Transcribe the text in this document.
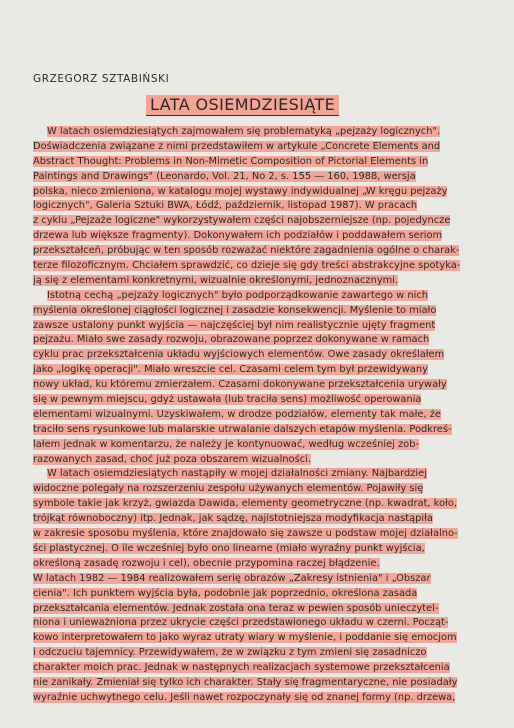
GRZEGORZ SZTABIŃSKI
LATA OSIEMDZIESIĄTE
W latach osiemdziesiątych zajmowałem się problematyką „pejzaży logicznych".
Doświadczenia związane z nimi przedstawiłem w artykule „Concrete Elements and
Abstract Thought: Problems in Non-Mimetic Composition of Pictorial Elements in
Paintings and Drawings" (Leonardo, Vol. 21, No 2, s. 155 — 160, 1988, wersja
polska, nieco zmieniona, w katalogu mojej wystawy indywidualnej „W kręgu pejzaży
logicznych", Galeria Sztuki BWA, Łódź, październik, listopad 1987). W pracach
z cyklu „Pejzaże logiczne" wykorzystywałem części najobszerniejsze (np. pojedyncze
drzewa lub większe fragmenty). Dokonywałem ich podziałów i poddawałem seriom
przekształceń, próbując w ten sposób rozważać niektóre zagadnienia ogólne o charak-
terze filozoficznym. Chciałem sprawdzić, co dzieje się gdy treści abstrakcyjne spotyka-
ją się z elementami konkretnymi, wizualnie określonymi, jednoznacznymi.
Istotną cechą „pejzaży logicznych" było podporządkowanie zawartego w nich
myślenia określonej ciągłości logicznej i zasadzie konsekwencji. Myślenie to miało
zawsze ustalony punkt wyjścia — najczęściej był nim realistycznie ujęty fragment
pejzażu. Miało swe zasady rozwoju, obrazowane poprzez dokonywane w ramach
cyklu prac przekształcenia układu wyjściowych elementów. Owe zasady określałem
jako „logikę operacji". Miało wreszcie cel. Czasami celem tym był przewidywany
nowy układ, ku któremu zmierzałem. Czasami dokonywane przekształcenia urywały
się w pewnym miejscu, gdyż ustawała (lub traciła sens) możliwość operowania
elementami wizualnymi. Uzyskiwałem, w drodze podziałów, elementy tak małe, że
traciło sens rysunkowe lub malarskie utrwalanie dalszych etapów myślenia. Podkreś-
lałem jednak w komentarzu, że należy je kontynuować, według wcześniej zob-
razowanych zasad, choć już poza obszarem wizualności.
W latach osiemdziesiątych nastąpiły w mojej działalności zmiany. Najbardziej
widoczne polegały na rozszerzeniu zespołu używanych elementów. Pojawiły się
symbole takie jak krzyż, gwiazda Dawida, elementy geometryczne (np. kwadrat, koło,
trójkąt równoboczny) itp. Jednak, jak sądzę, najistotniejsza modyfikacja nastąpiła
w zakresie sposobu myślenia, które znajdowało się zawsze u podstaw mojej działalno-
ści plastycznej. O ile wcześniej było ono linearne (miało wyraźny punkt wyjścia,
określoną zasadę rozwoju i cel), obecnie przypomina raczej błądzenie.
W latach 1982 — 1984 realizowałem serię obrazów „Zakresy istnienia" i „Obszar
cienia". Ich punktem wyjścia była, podobnie jak poprzednio, określona zasada
przekształcania elementów. Jednak została ona teraz w pewien sposób unieczytel-
niona i unieważniona przez ukrycie części przedstawionego układu w czerni. Począt-
kowo interpretowałem to jako wyraz utraty wiary w myślenie, i poddanie się emocjom
i odczuciu tajemnicy. Przewidywałem, że w związku z tym zmieni się zasadniczo
charakter moich prac. Jednak w następnych realizacjach systemowe przekształcenia
nie zanikały. Zmieniał się tylko ich charakter. Stały się fragmentaryczne, nie posiadały
wyraźnie uchwytnego celu. Jeśli nawet rozpoczynały się od znanej formy (np. drzewa,
